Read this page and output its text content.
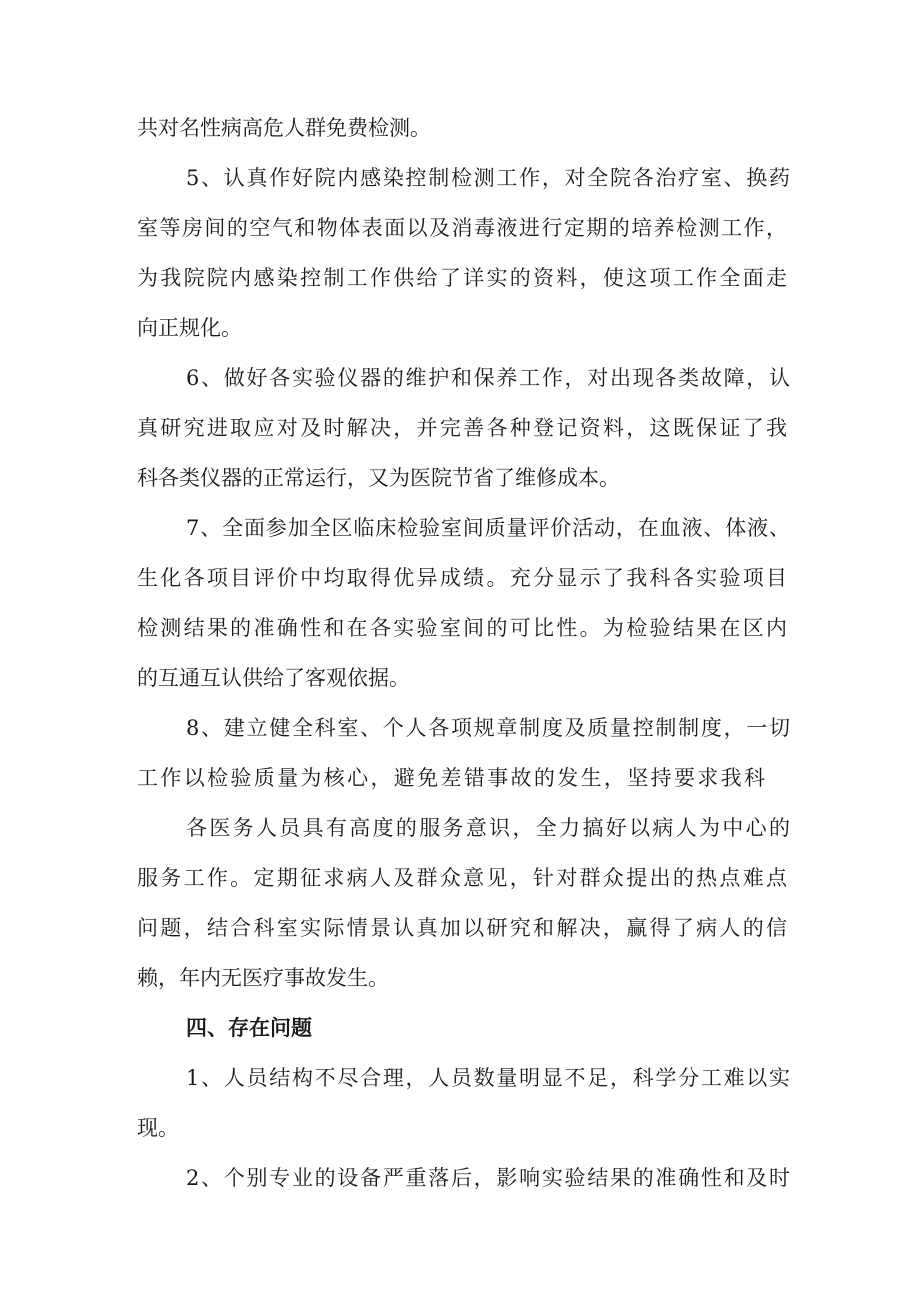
共对名性病高危人群免费检测。
5、认真作好院内感染控制检测工作，对全院各治疗室、换药
室等房间的空气和物体表面以及消毒液进行定期的培养检测工作，
为我院院内感染控制工作供给了详实的资料，使这项工作全面走
向正规化。
6、做好各实验仪器的维护和保养工作，对出现各类故障，认
真研究进取应对及时解决，并完善各种登记资料，这既保证了我
科各类仪器的正常运行，又为医院节省了维修成本。
7、全面参加全区临床检验室间质量评价活动，在血液、体液、
生化各项目评价中均取得优异成绩。充分显示了我科各实验项目
检测结果的准确性和在各实验室间的可比性。为检验结果在区内
的互通互认供给了客观依据。
8、建立健全科室、个人各项规章制度及质量控制制度，一切
工作以检验质量为核心，避免差错事故的发生，坚持要求我科
各医务人员具有高度的服务意识，全力搞好以病人为中心的
服务工作。定期征求病人及群众意见，针对群众提出的热点难点
问题，结合科室实际情景认真加以研究和解决，赢得了病人的信
赖，年内无医疗事故发生。
四、存在问题
1、人员结构不尽合理，人员数量明显不足，科学分工难以实
现。
2、个别专业的设备严重落后，影响实验结果的准确性和及时
